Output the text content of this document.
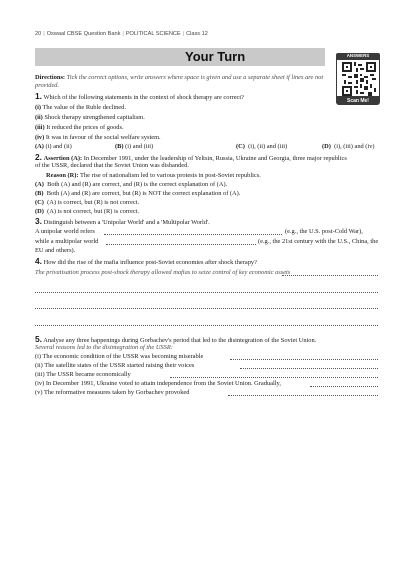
20 | Oswaal CBSE Question Bank | POLITICAL SCIENCE | Class 12
Your Turn	ANSWERS
Scan Me!
Directions: Tick the correct options, write answers where space is given and use a separate sheet if lines are not
provided.
1. Which of the following statements in the context of shock therapy are correct?
(i) The value of the Ruble declined.
(ii) Shock therapy strengthened capitalism.
(iii) It reduced the prices of goods.
(iv) It was in favour of the social welfare system.
(A) (i) and (ii)	(B) (i) and (iii)	(C) (i), (ii) and (iii)	(D) (i), (iii) and (iv)
2. Assertion (A): In December 1991, under the leadership of Yeltsin, Russia, Ukraine and Georgia, three major republics
of the USSR, declared that the Soviet Union was disbanded.
Reason (R): The rise of nationalism led to various protests in post-Soviet republics.
(A) Both (A) and (R) are correct, and (R) is the correct explanation of (A).
(B) Both (A) and (R) are correct, but (R) is NOT the correct explanation of (A).
(C) (A) is correct, but (R) is not correct.
(D) (A) is not correct, but (R) is correct.
3. Distinguish between a 'Unipolar World' and a 'Multipolar World'.
A unipolar world refers	(e.g., the U.S. post-Cold War),
while a multipolar world	(e.g., the 21st century with the U.S., China, the
EU and others).
4. How did the rise of the mafia influence post-Soviet economies after shock therapy?
The privatisation process post-shock therapy allowed mafias to seize control of key economic assets
5. Analyse any three happenings during Gorbachev's period that led to the disintegration of the Soviet Union.
Several reasons led to the disintegration of the USSR:
(i) The economic condition of the USSR was becoming miserable
(ii) The satellite states of the USSR started raising their voices
(iii) The USSR became economically
(iv) In December 1991, Ukraine voted to attain independence from the Soviet Union. Gradually,
(v) The reformative measures taken by Gorbachev provoked
